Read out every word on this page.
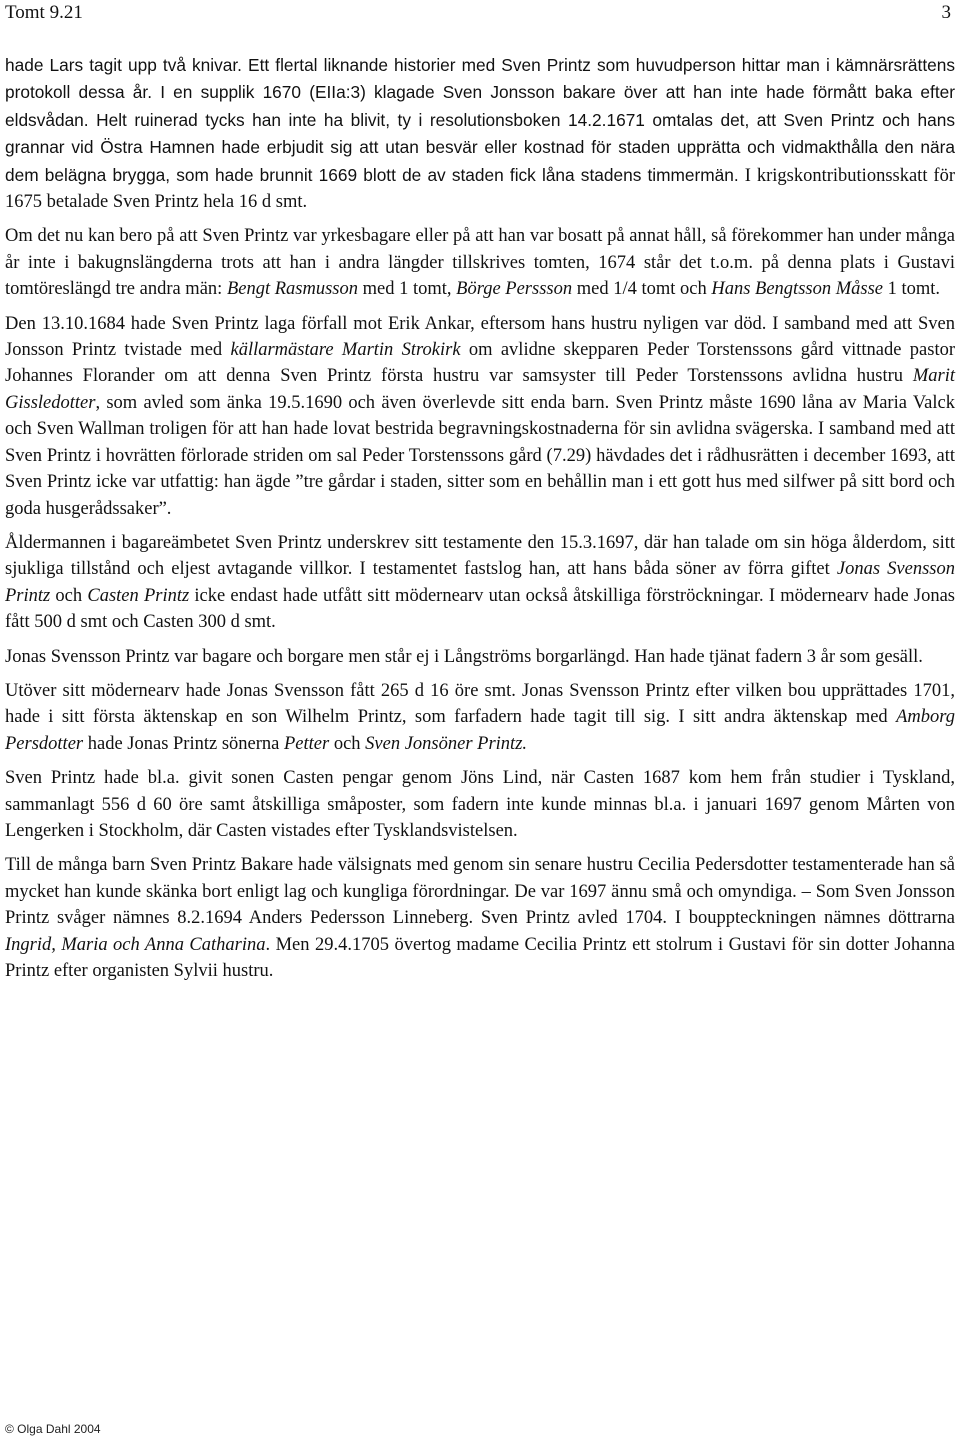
Tomt 9.21	3

hade Lars tagit upp två knivar. Ett flertal liknande historier med Sven Printz som huvudperson hittar man i kämnärsrättens protokoll dessa år. I en supplik 1670 (EIIa:3) klagade Sven Jonsson bakare över att han inte hade förmått baka efter eldsvådan. Helt ruinerad tycks han inte ha blivit, ty i resolutionsboken 14.2.1671 omtalas det, att Sven Printz och hans grannar vid Östra Hamnen hade erbjudit sig att utan besvär eller kostnad för staden upprätta och vidmakthålla den nära dem belägna brygga, som hade brunnit 1669 blott de av staden fick låna stadens timmermän. I krigskontributionsskatt för 1675 betalade Sven Printz hela 16 d smt.

Om det nu kan bero på att Sven Printz var yrkesbagare eller på att han var bosatt på annat håll, så förekommer han under många år inte i bakugnslängderna trots att han i andra längder tillskrives tomten, 1674 står det t.o.m. på denna plats i Gustavi tomtöreslängd tre andra män: Bengt Rasmusson med 1 tomt, Börge Perssson med 1/4 tomt och Hans Bengtsson Måsse 1 tomt.

Den 13.10.1684 hade Sven Printz laga förfall mot Erik Ankar, eftersom hans hustru nyligen var död. I samband med att Sven Jonsson Printz tvistade med källarmästare Martin Strokirk om avlidne skepparen Peder Torstenssons gård vittnade pastor Johannes Florander om att denna Sven Printz första hustru var samsyster till Peder Torstenssons avlidna hustru Marit Gissledotter, som avled som änka 19.5.1690 och även överlevde sitt enda barn. Sven Printz måste 1690 låna av Maria Valck och Sven Wallman troligen för att han hade lovat bestrida begravningskostnaderna för sin avlidna svägerska. I samband med att Sven Printz i hovrätten förlorade striden om sal Peder Torstenssons gård (7.29) hävdades det i rådhusrätten i december 1693, att Sven Printz icke var utfattig: han ägde ”tre gårdar i staden, sitter som en behållin man i ett gott hus med silfwer på sitt bord och goda husgerådssaker”.

Åldermannen i bagareämbetet Sven Printz underskrev sitt testamente den 15.3.1697, där han talade om sin höga ålderdom, sitt sjukliga tillstånd och eljest avtagande villkor. I testamentet fastslog han, att hans båda söner av förra giftet Jonas Svensson Printz och Casten Printz icke endast hade utfått sitt mödernearv utan också åtskilliga förströckningar. I mödernearv hade Jonas fått 500 d smt och Casten 300 d smt.

Jonas Svensson Printz var bagare och borgare men står ej i Långströms borgarlängd. Han hade tjänat fadern 3 år som gesäll.

Utöver sitt mödernearv hade Jonas Svensson fått 265 d 16 öre smt. Jonas Svensson Printz efter vilken bou upprättades 1701, hade i sitt första äktenskap en son Wilhelm Printz, som farfadern hade tagit till sig. I sitt andra äktenskap med Amborg Persdotter hade Jonas Printz sönerna Petter och Sven Jonsöner Printz.

Sven Printz hade bl.a. givit sonen Casten pengar genom Jöns Lind, när Casten 1687 kom hem från studier i Tyskland, sammanlagt 556 d 60 öre samt åtskilliga småposter, som fadern inte kunde minnas bl.a. i januari 1697 genom Mårten von Lengerken i Stockholm, där Casten vistades efter Tysklandsvistelsen.

Till de många barn Sven Printz Bakare hade välsignats med genom sin senare hustru Cecilia Pedersdotter testamenterade han så mycket han kunde skänka bort enligt lag och kungliga förordningar. De var 1697 ännu små och omyndiga. – Som Sven Jonsson Printz svåger nämnes 8.2.1694 Anders Pedersson Linneberg. Sven Printz avled 1704. I bouppteckningen nämnes döttrarna Ingrid, Maria och Anna Catharina. Men 29.4.1705 övertog madame Cecilia Printz ett stolrum i Gustavi för sin dotter Johanna Printz efter organisten Sylvii hustru.

© Olga Dahl 2004
